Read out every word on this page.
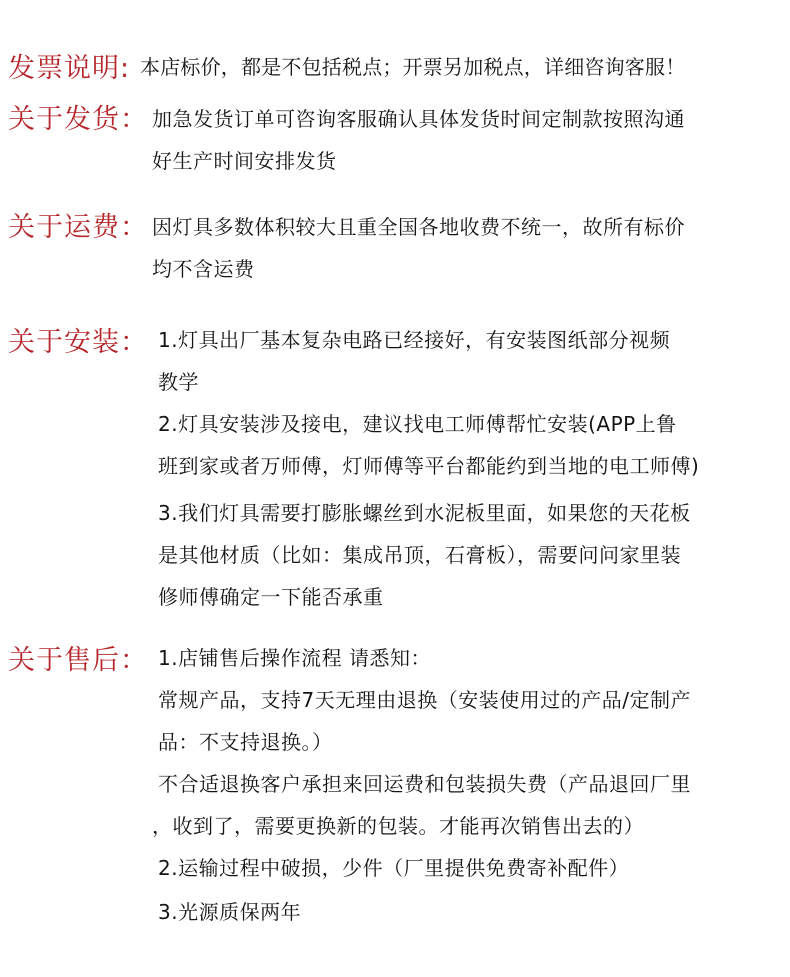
发票说明: 本店标价，都是不包括税点；开票另加税点，详细咨询客服！
关于发货： 加急发货订单可咨询客服确认具体发货时间定制款按照沟通
好生产时间安排发货
关于运费： 因灯具多数体积较大且重全国各地收费不统一，故所有标价
均不含运费
关于安装： 1.灯具出厂基本复杂电路已经接好，有安装图纸部分视频
教学
2.灯具安装涉及接电，建议找电工师傅帮忙安装(APP上鲁
班到家或者万师傅，灯师傅等平台都能约到当地的电工师傅)
3.我们灯具需要打膨胀螺丝到水泥板里面，如果您的天花板
是其他材质（比如：集成吊顶，石膏板），需要问问家里装
修师傅确定一下能否承重
关于售后： 1.店铺售后操作流程 请悉知：
常规产品，支持7天无理由退换（安装使用过的产品/定制产
品：不支持退换。）
不合适退换客户承担来回运费和包装损失费（产品退回厂里
，收到了，需要更换新的包装。才能再次销售出去的）
2.运输过程中破损，少件（厂里提供免费寄补配件）
3.光源质保两年
